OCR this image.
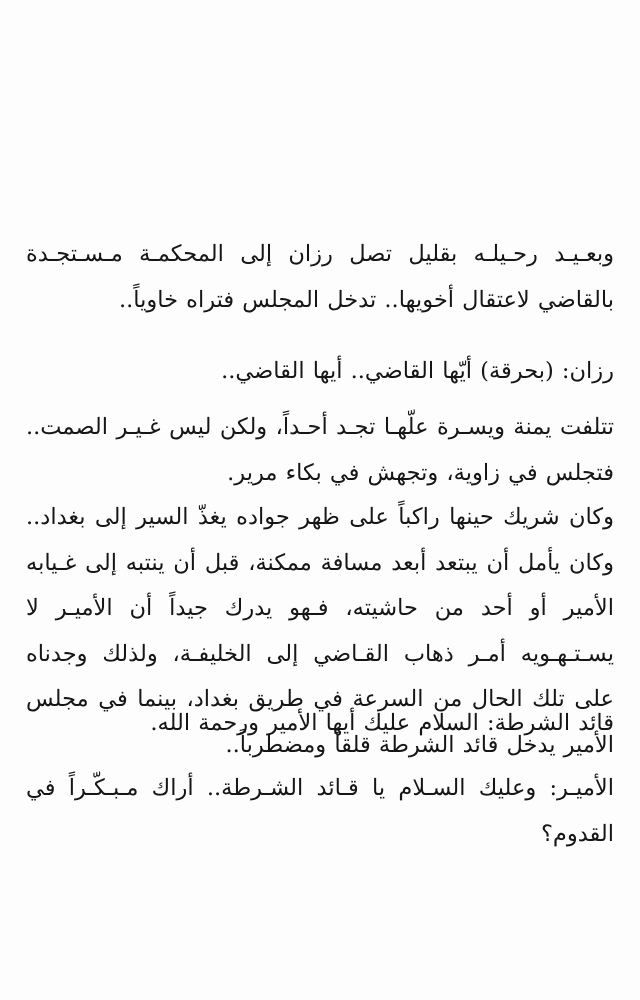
وبعـيـد رحـيلـه بقليل تصل رزان إلى المحكمـة مـسـتجـدة بالقاضي لاعتقال أخويها.. تدخل المجلس فتراه خاوياً..

رزان: (بحرقة) أيّها القاضي.. أيها القاضي..

تتلفت يمنة ويسـرة علّهـا تجـد أحـداً، ولكن ليس غـيـر الصمت.. فتجلس في زاوية، وتجهش في بكاء مرير.

وكان شريك حينها راكباً على ظهر جواده يغذّ السير إلى بغداد.. وكان يأمل أن يبتعد أبعد مسافة ممكنة، قبل أن ينتبه إلى غـيابه الأمير أو أحد من حاشيته، فـهو يدرك جيداً أن الأميـر لا يسـتـهـويه أمـر ذهاب القـاضي إلى الخليفـة، ولذلك وجدناه على تلك الحال من السرعة في طريق بغداد، بينما في مجلس الأمير يدخل قائد الشرطة قلقاً ومضطرباً..

قائد الشرطة: السلام عليك أيها الأمير ورحمة الله.

الأميـر: وعليك السـلام يا قـائد الشـرطة.. أراك مـبـكّـراً في القدوم؟
